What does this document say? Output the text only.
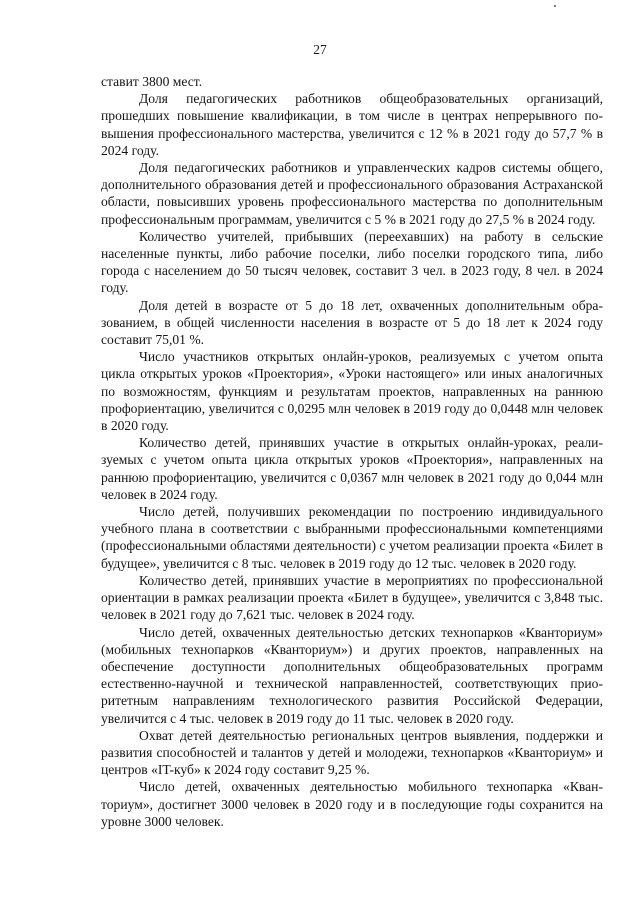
27

ставит 3800 мест.

Доля педагогических работников общеобразовательных организаций, прошедших повышение квалификации, в том числе в центрах непрерывного повышения профессионального мастерства, увеличится с 12 % в 2021 году до 57,7 % в 2024 году.

Доля педагогических работников и управленческих кадров системы общего, дополнительного образования детей и профессионального образования Астраханской области, повысивших уровень профессионального мастерства по дополнительным профессиональным программам, увеличится с 5 % в 2021 году до 27,5 % в 2024 году.

Количество учителей, прибывших (переехавших) на работу в сельские населенные пункты, либо рабочие поселки, либо поселки городского типа, либо города с населением до 50 тысяч человек, составит 3 чел. в 2023 году, 8 чел. в 2024 году.

Доля детей в возрасте от 5 до 18 лет, охваченных дополнительным образованием, в общей численности населения в возрасте от 5 до 18 лет к 2024 году составит 75,01 %.

Число участников открытых онлайн-уроков, реализуемых с учетом опыта цикла открытых уроков «Проектория», «Уроки настоящего» или иных аналогичных по возможностям, функциям и результатам проектов, направленных на раннюю профориентацию, увеличится с 0,0295 млн человек в 2019 году до 0,0448 млн человек в 2020 году.

Количество детей, принявших участие в открытых онлайн-уроках, реализуемых с учетом опыта цикла открытых уроков «Проектория», направленных на раннюю профориентацию, увеличится с 0,0367 млн человек в 2021 году до 0,044 млн человек в 2024 году.

Число детей, получивших рекомендации по построению индивидуального учебного плана в соответствии с выбранными профессиональными компетенциями (профессиональными областями деятельности) с учетом реализации проекта «Билет в будущее», увеличится с 8 тыс. человек в 2019 году до 12 тыс. человек в 2020 году.

Количество детей, принявших участие в мероприятиях по профессиональной ориентации в рамках реализации проекта «Билет в будущее», увеличится с 3,848 тыс. человек в 2021 году до 7,621 тыс. человек в 2024 году.

Число детей, охваченных деятельностью детских технопарков «Кванториум» (мобильных технопарков «Кванториум») и других проектов, направленных на обеспечение доступности дополнительных общеобразовательных программ естественно-научной и технической направленностей, соответствующих приоритетным направлениям технологического развития Российской Федерации, увеличится с 4 тыс. человек в 2019 году до 11 тыс. человек в 2020 году.

Охват детей деятельностью региональных центров выявления, поддержки и развития способностей и талантов у детей и молодежи, технопарков «Кванториум» и центров «IT-куб» к 2024 году составит 9,25 %.

Число детей, охваченных деятельностью мобильного технопарка «Кванториум», достигнет 3000 человек в 2020 году и в последующие годы сохранится на уровне 3000 человек.
